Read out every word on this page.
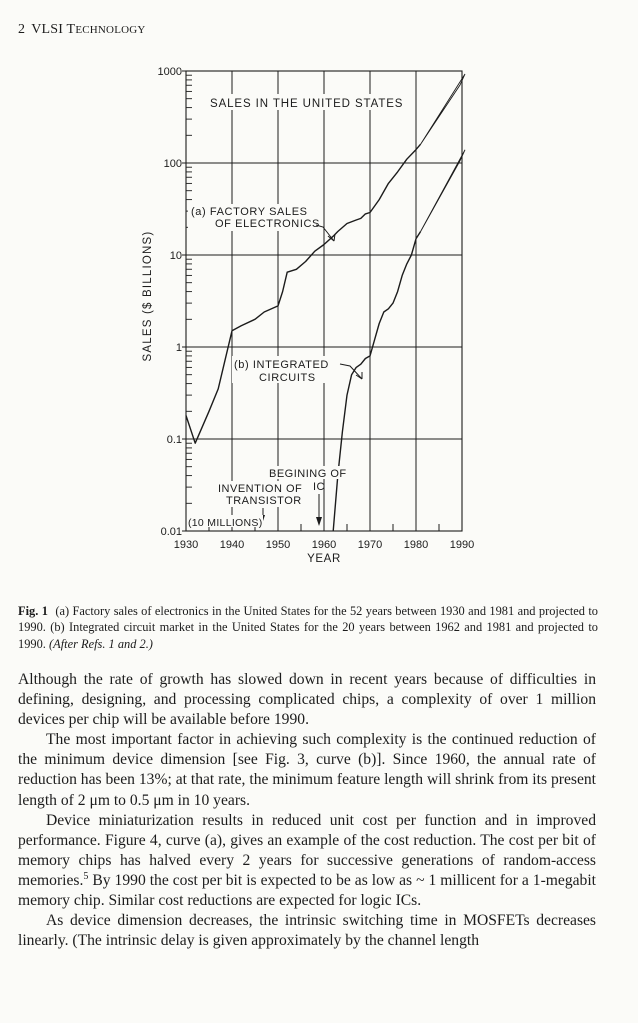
2 VLSI TECHNOLOGY
1930 1940 1950 1960 1970 1980 1990
0.01
0.1
1
10
100
1000
SALES IN THE UNITED STATES
(a) FACTORY SALES
OF ELECTRONICS
(b) INTEGRATED
CIRCUITS
BEGINING OF
IC
INVENTION OF
TRANSISTOR
(10 MILLIONS)
YEAR
SALES ($ BILLIONS)
Fig. 1 (a) Factory sales of electronics in the United States for the 52 years between 1930 and 1981 and projected to 1990. (b) Integrated circuit market in the United States for the 20 years between 1962 and 1981 and projected to 1990. (After Refs. 1 and 2.)

Although the rate of growth has slowed down in recent years because of difficulties in defining, designing, and processing complicated chips, a complexity of over 1 million devices per chip will be available before 1990.

The most important factor in achieving such complexity is the continued reduction of the minimum device dimension [see Fig. 3, curve (b)]. Since 1960, the annual rate of reduction has been 13%; at that rate, the minimum feature length will shrink from its present length of 2 μm to 0.5 μm in 10 years.

Device miniaturization results in reduced unit cost per function and in improved performance. Figure 4, curve (a), gives an example of the cost reduction. The cost per bit of memory chips has halved every 2 years for successive generations of random-access memories.$^5$ By 1990 the cost per bit is expected to be as low as ~ 1 millicent for a 1-megabit memory chip. Similar cost reductions are expected for logic ICs.

As device dimension decreases, the intrinsic switching time in MOSFETs decreases linearly. (The intrinsic delay is given approximately by the channel length
